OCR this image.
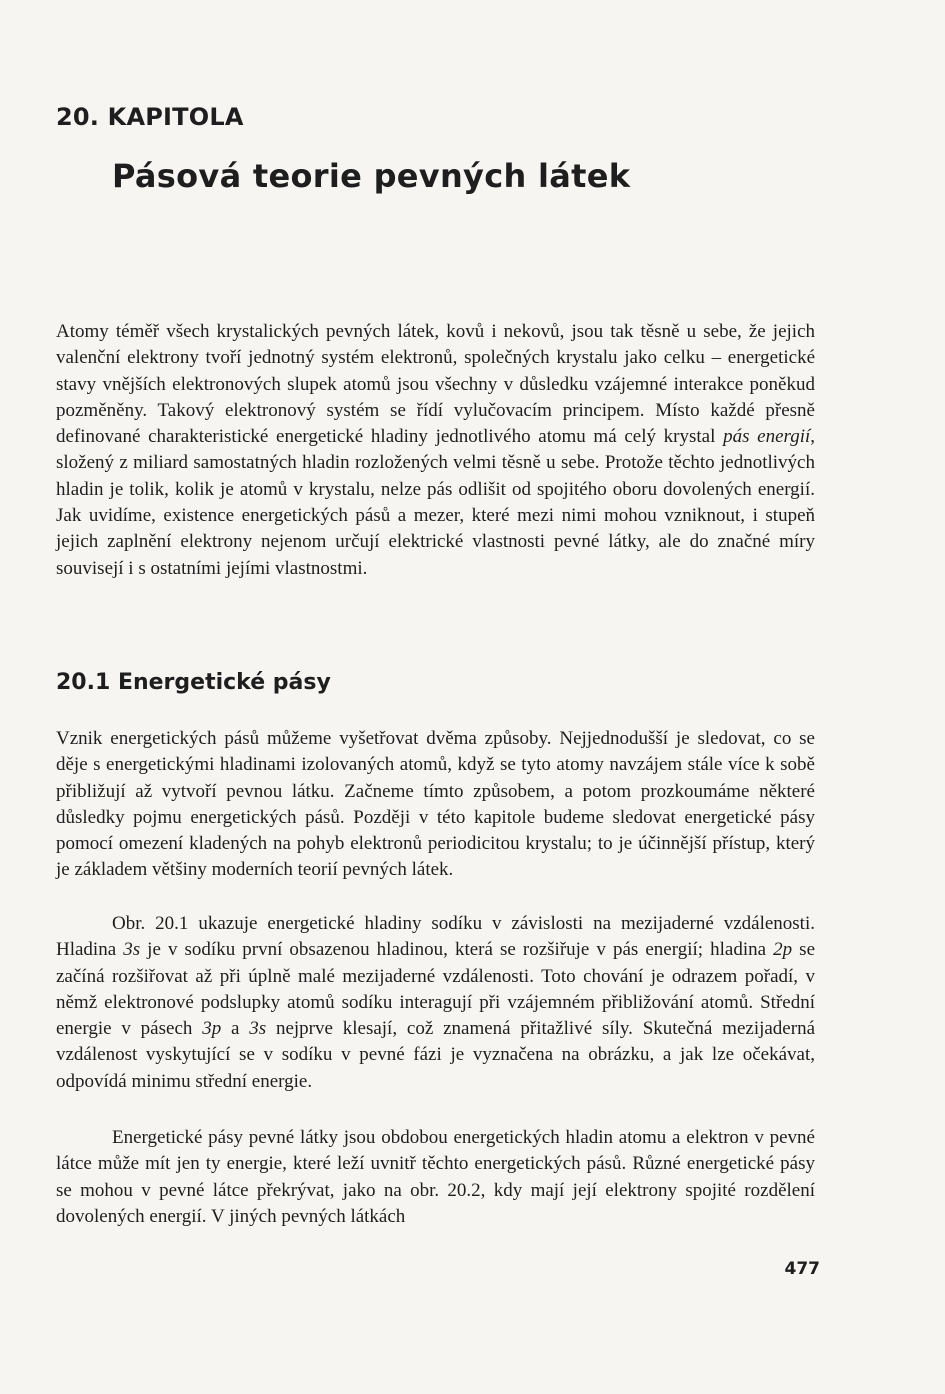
20. KAPITOLA
Pásová teorie pevných látek

Atomy téměř všech krystalických pevných látek, kovů i nekovů, jsou tak těsně u sebe, že jejich valenční elektrony tvoří jednotný systém elektronů, společných krystalu jako celku – energetické stavy vnějších elektronových slupek atomů jsou všechny v důsledku vzájemné interakce poněkud pozměněny. Takový elektronový systém se řídí vylučovacím principem. Místo každé přesně definované charakteristické energetické hladiny jednotlivého atomu má celý krystal pás energií, složený z miliard samostatných hladin rozložených velmi těsně u sebe. Protože těchto jednotlivých hladin je tolik, kolik je atomů v krystalu, nelze pás odlišit od spojitého oboru dovolených energií. Jak uvidíme, existence energetických pásů a mezer, které mezi nimi mohou vzniknout, i stupeň jejich zaplnění elektrony nejenom určují elektrické vlastnosti pevné látky, ale do značné míry souvisejí i s ostatními jejími vlastnostmi.

20.1 Energetické pásy

Vznik energetických pásů můžeme vyšetřovat dvěma způsoby. Nejjednodušší je sledovat, co se děje s energetickými hladinami izolovaných atomů, když se tyto atomy navzájem stále více k sobě přibližují až vytvoří pevnou látku. Začneme tímto způsobem, a potom prozkoumáme některé důsledky pojmu energetických pásů. Později v této kapitole budeme sledovat energetické pásy pomocí omezení kladených na pohyb elektronů periodicitou krystalu; to je účinnější přístup, který je základem většiny moderních teorií pevných látek.

Obr. 20.1 ukazuje energetické hladiny sodíku v závislosti na mezijaderné vzdálenosti. Hladina 3s je v sodíku první obsazenou hladinou, která se rozšiřuje v pás energií; hladina 2p se začíná rozšiřovat až při úplně malé mezijaderné vzdálenosti. Toto chování je odrazem pořadí, v němž elektronové podslupky atomů sodíku interagují při vzájemném přibližování atomů. Střední energie v pásech 3p a 3s nejprve klesají, což znamená přitažlivé síly. Skutečná mezijaderná vzdálenost vyskytující se v sodíku v pevné fázi je vyznačena na obrázku, a jak lze očekávat, odpovídá minimu střední energie.

Energetické pásy pevné látky jsou obdobou energetických hladin atomu a elektron v pevné látce může mít jen ty energie, které leží uvnitř těchto energetických pásů. Různé energetické pásy se mohou v pevné látce překrývat, jako na obr. 20.2, kdy mají její elektrony spojité rozdělení dovolených energií. V jiných pevných látkách

477
